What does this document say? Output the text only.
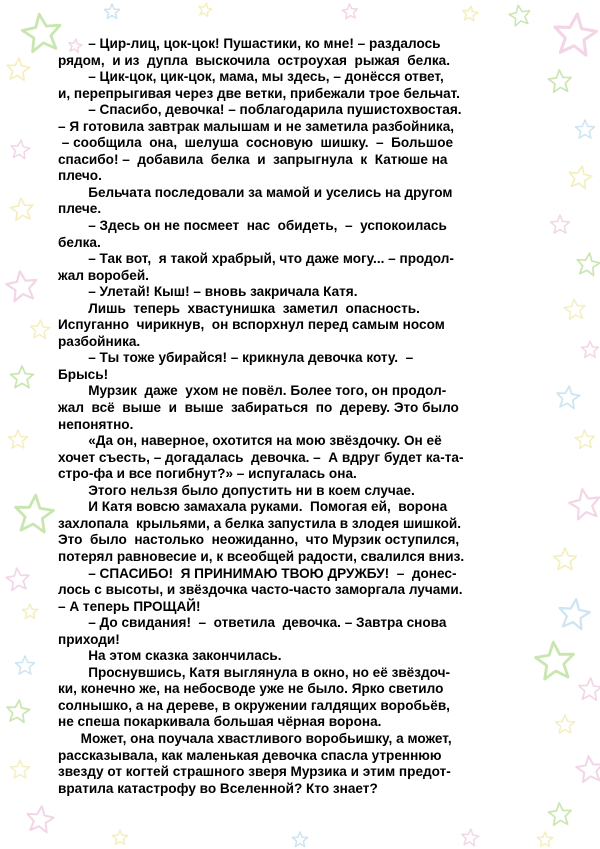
– Цир-лиц, цок-цок! Пушастики, ко мне! – раздалось
рядом,  и из  дупла  выскочила  остроухая  рыжая  белка.
– Цик-цок, цик-цок, мама, мы здесь, – донёсся ответ,
и, перепрыгивая через две ветки, прибежали трое бельчат.
– Спасибо, девочка! – поблагодарила пушистохвостая.
– Я готовила завтрак малышам и не заметила разбойника,
– сообщила  она,  шелуша  сосновую  шишку.  –  Большое
спасибо! –  добавила  белка  и  запрыгнула  к  Катюше на
плечо.
Бельчата последовали за мамой и уселись на другом
плече.
– Здесь он не посмеет  нас  обидеть,  –  успокоилась
белка.
– Так вот,  я такой храбрый, что даже могу... – продол-
жал воробей.
– Улетай! Кыш! – вновь закричала Катя.
Лишь  теперь  хвастунишка  заметил  опасность.
Испуганно  чирикнув,  он вспорхнул перед самым носом
разбойника.
– Ты тоже убирайся! – крикнула девочка коту.  –
Брысь!
Мурзик  даже  ухом не повёл. Более того, он продол-
жал  всё  выше  и  выше  забираться  по  дереву. Это было
непонятно.
«Да он, наверное, охотится на мою звёздочку. Он её
хочет съесть, – догадалась  девочка. –  А вдруг будет ка-та-
стро-фа и все погибнут?» – испугалась она.
Этого нельзя было допустить ни в коем случае.
И Катя вовсю замахала руками.  Помогая ей,  ворона
захлопала  крыльями, а белка запустила в злодея шишкой.
Это  было  настолько  неожиданно,  что Мурзик оступился,
потерял равновесие и, к всеобщей радости, свалился вниз.
– СПАСИБО!  Я ПРИНИМАЮ ТВОЮ ДРУЖБУ!  –  донес-
лось с высоты, и звёздочка часто-часто заморгала лучами.
– А теперь ПРОЩАЙ!
– До свидания!  –  ответила  девочка. – Завтра снова
приходи!
На этом сказка закончилась.
Проснувшись, Катя выглянула в окно, но её звёздоч-
ки, конечно же, на небосводе уже не было. Ярко светило
солнышко, а на дереве, в окружении галдящих воробьёв,
не спеша покаркивала большая чёрная ворона.
Может, она поучала хвастливого воробьишку, а может,
рассказывала, как маленькая девочка спасла утреннюю
звезду от когтей страшного зверя Мурзика и этим предот-
вратила катастрофу во Вселенной? Кто знает?
